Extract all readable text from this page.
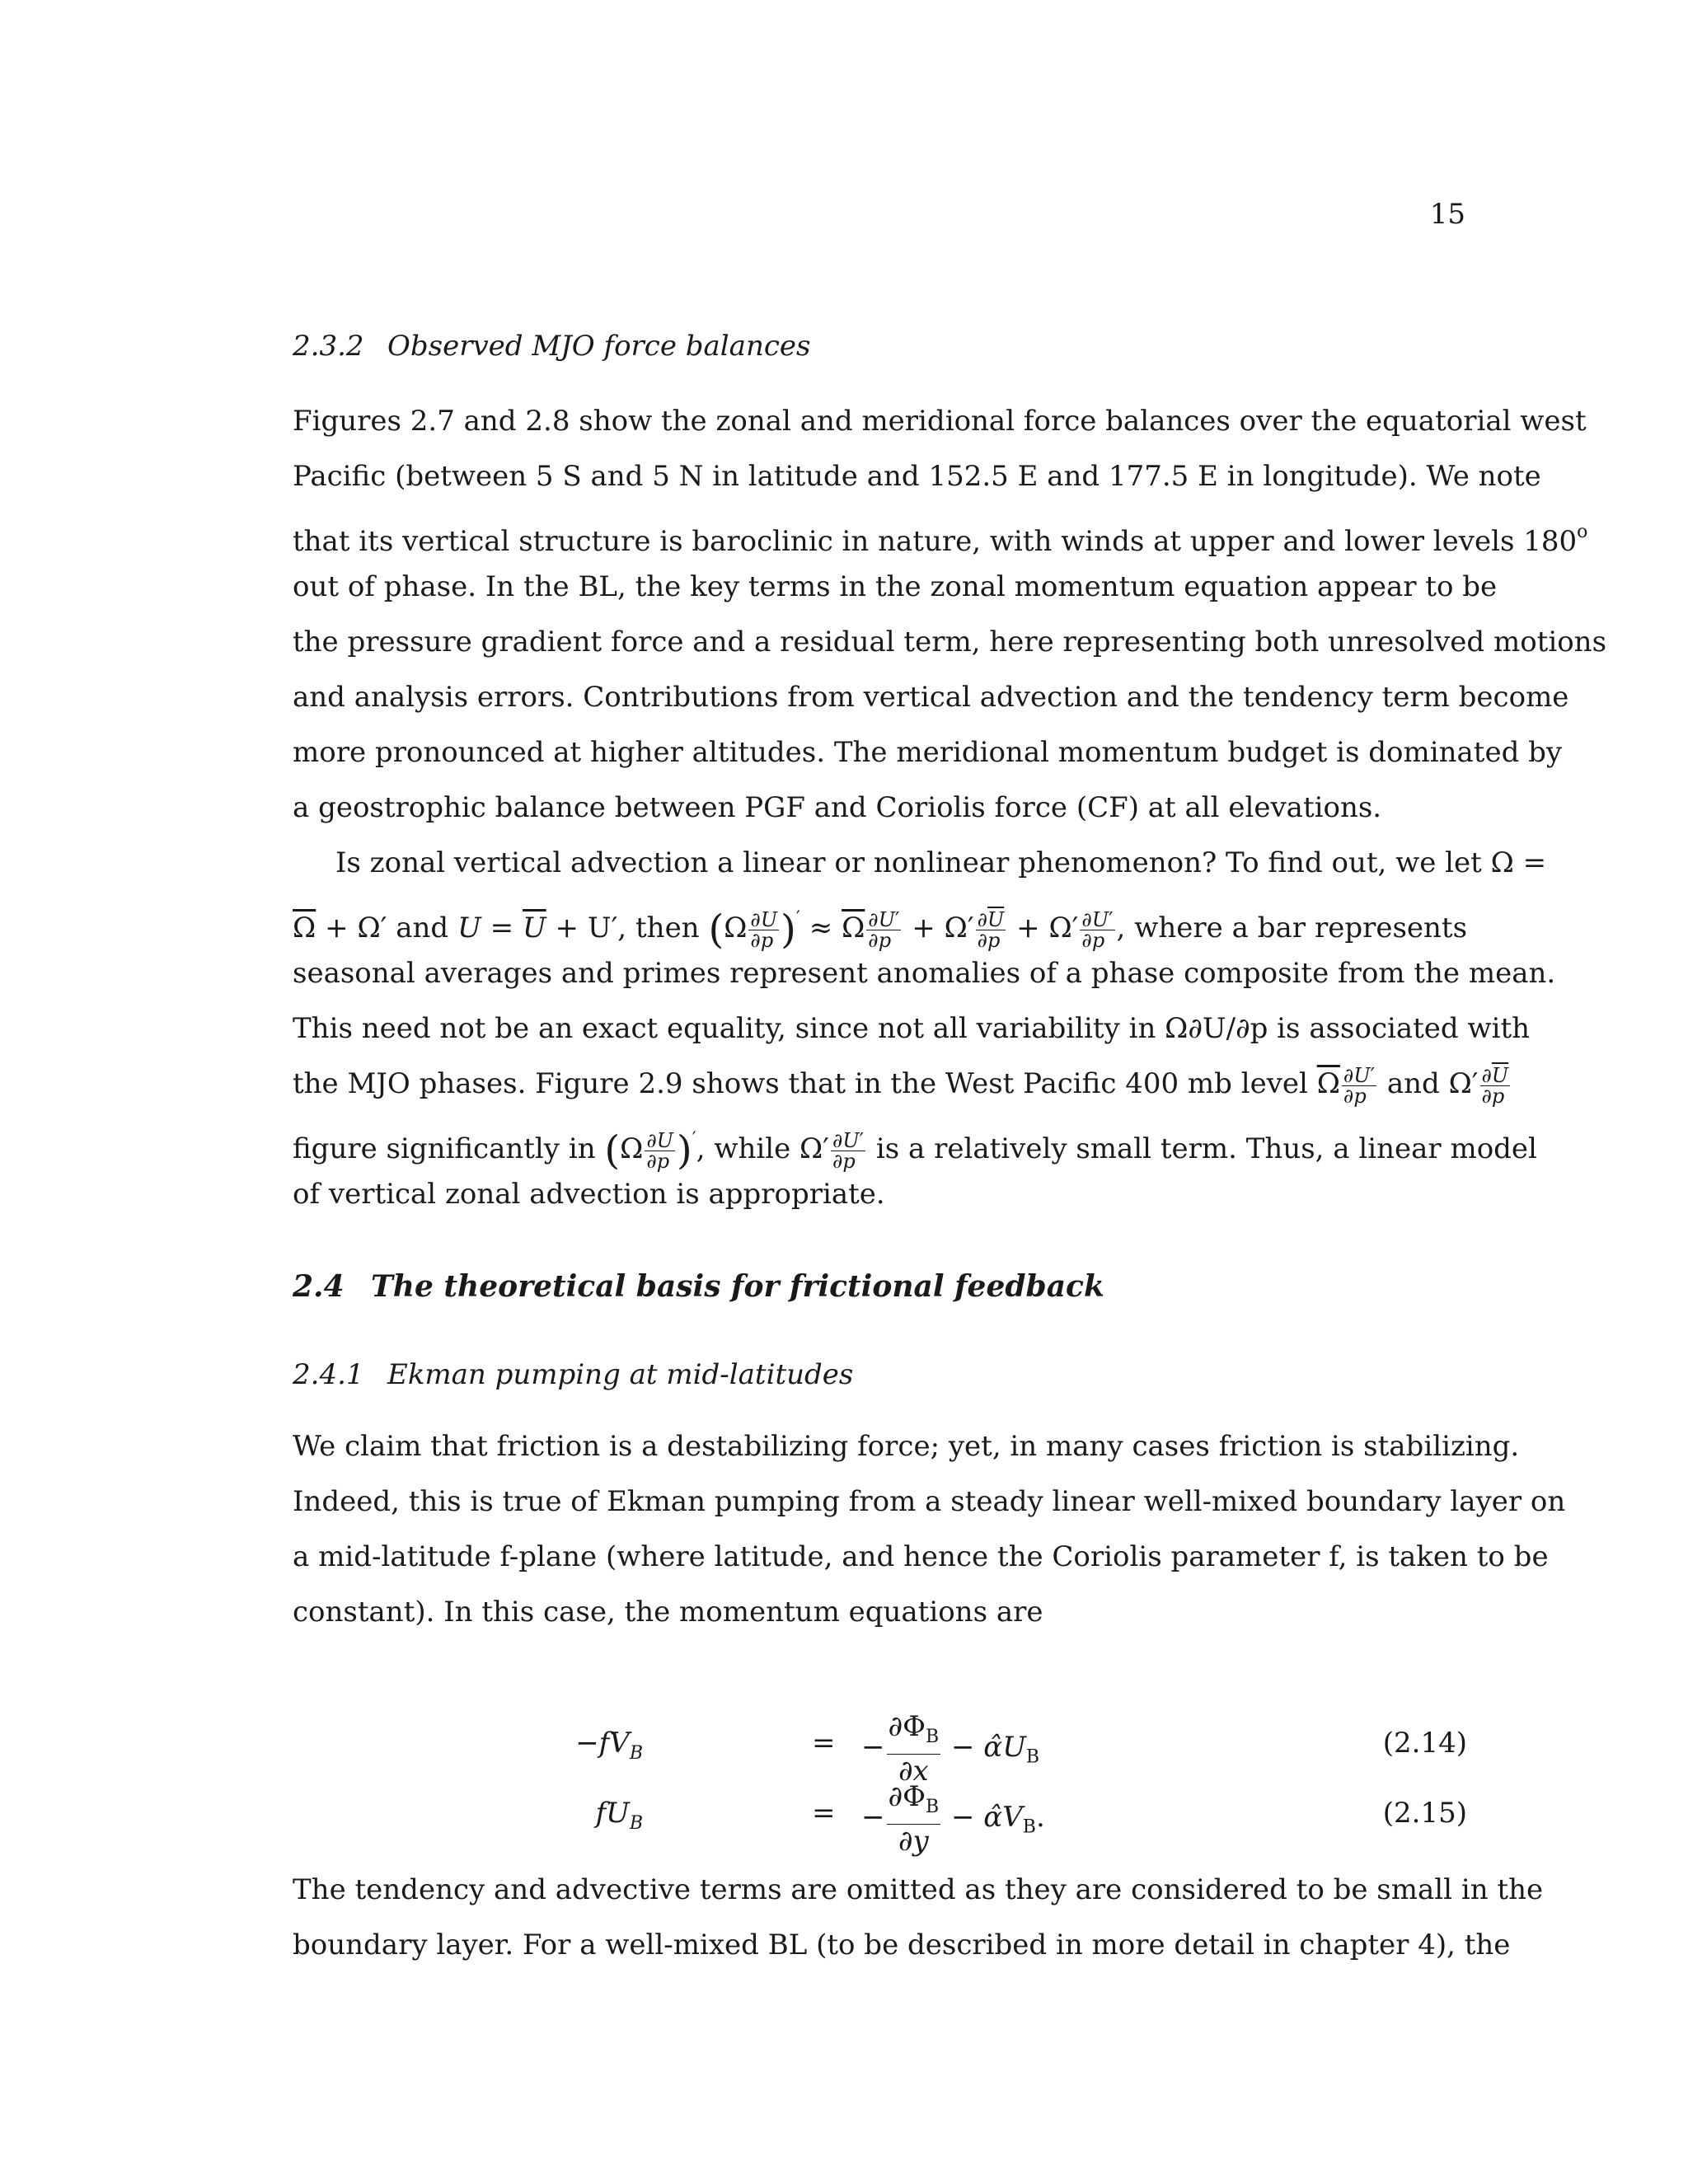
15
2.3.2 Observed MJO force balances
Figures 2.7 and 2.8 show the zonal and meridional force balances over the equatorial west
Pacific (between 5 S and 5 N in latitude and 152.5 E and 177.5 E in longitude). We note
that its vertical structure is baroclinic in nature, with winds at upper and lower levels 180$^o$
out of phase. In the BL, the key terms in the zonal momentum equation appear to be
the pressure gradient force and a residual term, here representing both unresolved motions
and analysis errors. Contributions from vertical advection and the tendency term become
more pronounced at higher altitudes. The meridional momentum budget is dominated by
a geostrophic balance between PGF and Coriolis force (CF) at all elevations.
Is zonal vertical advection a linear or nonlinear phenomenon? To find out, we let Ω =
$\overline{\Omega} + \Omega'$ and $U = \overline{U} + U'$, then $(\Omega \frac{\partial U}{\partial p} )' \approx \overline{\Omega} \frac{\partial U'}{\partial p} + \Omega' \frac{\partial\overline{U}}{\partial p} + \Omega' \frac{\partial U'}{\partial p}$ , where a bar represents
seasonal averages and primes represent anomalies of a phase composite from the mean.
This need not be an exact equality, since not all variability in Ω∂U/∂p is associated with
the MJO phases. Figure 2.9 shows that in the West Pacific 400 mb level $\overline{\Omega} \frac{\partial U'}{\partial p}$ and $\Omega' \frac{\partial\overline{U}}{\partial p}$
figure significantly in $(\Omega \frac{\partial U}{\partial p} )'$, while $\Omega' \frac{\partial U'}{\partial p}$ is a relatively small term. Thus, a linear model
of vertical zonal advection is appropriate.
2.4 The theoretical basis for frictional feedback
2.4.1 Ekman pumping at mid-latitudes
We claim that friction is a destabilizing force; yet, in many cases friction is stabilizing.
Indeed, this is true of Ekman pumping from a steady linear well-mixed boundary layer on
a mid-latitude f-plane (where latitude, and hence the Coriolis parameter f, is taken to be
constant). In this case, the momentum equations are
$-fV_B$	= − $\frac{\partial\Phi_B}{\partial x}$ − $\alphâU_B$	(2.14)
$fU_B$	= − $\frac{\partial\Phi_B}{\partial y}$ − $\alphâV_B$.	(2.15)
The tendency and advective terms are omitted as they are considered to be small in the
boundary layer. For a well-mixed BL (to be described in more detail in chapter 4), the
